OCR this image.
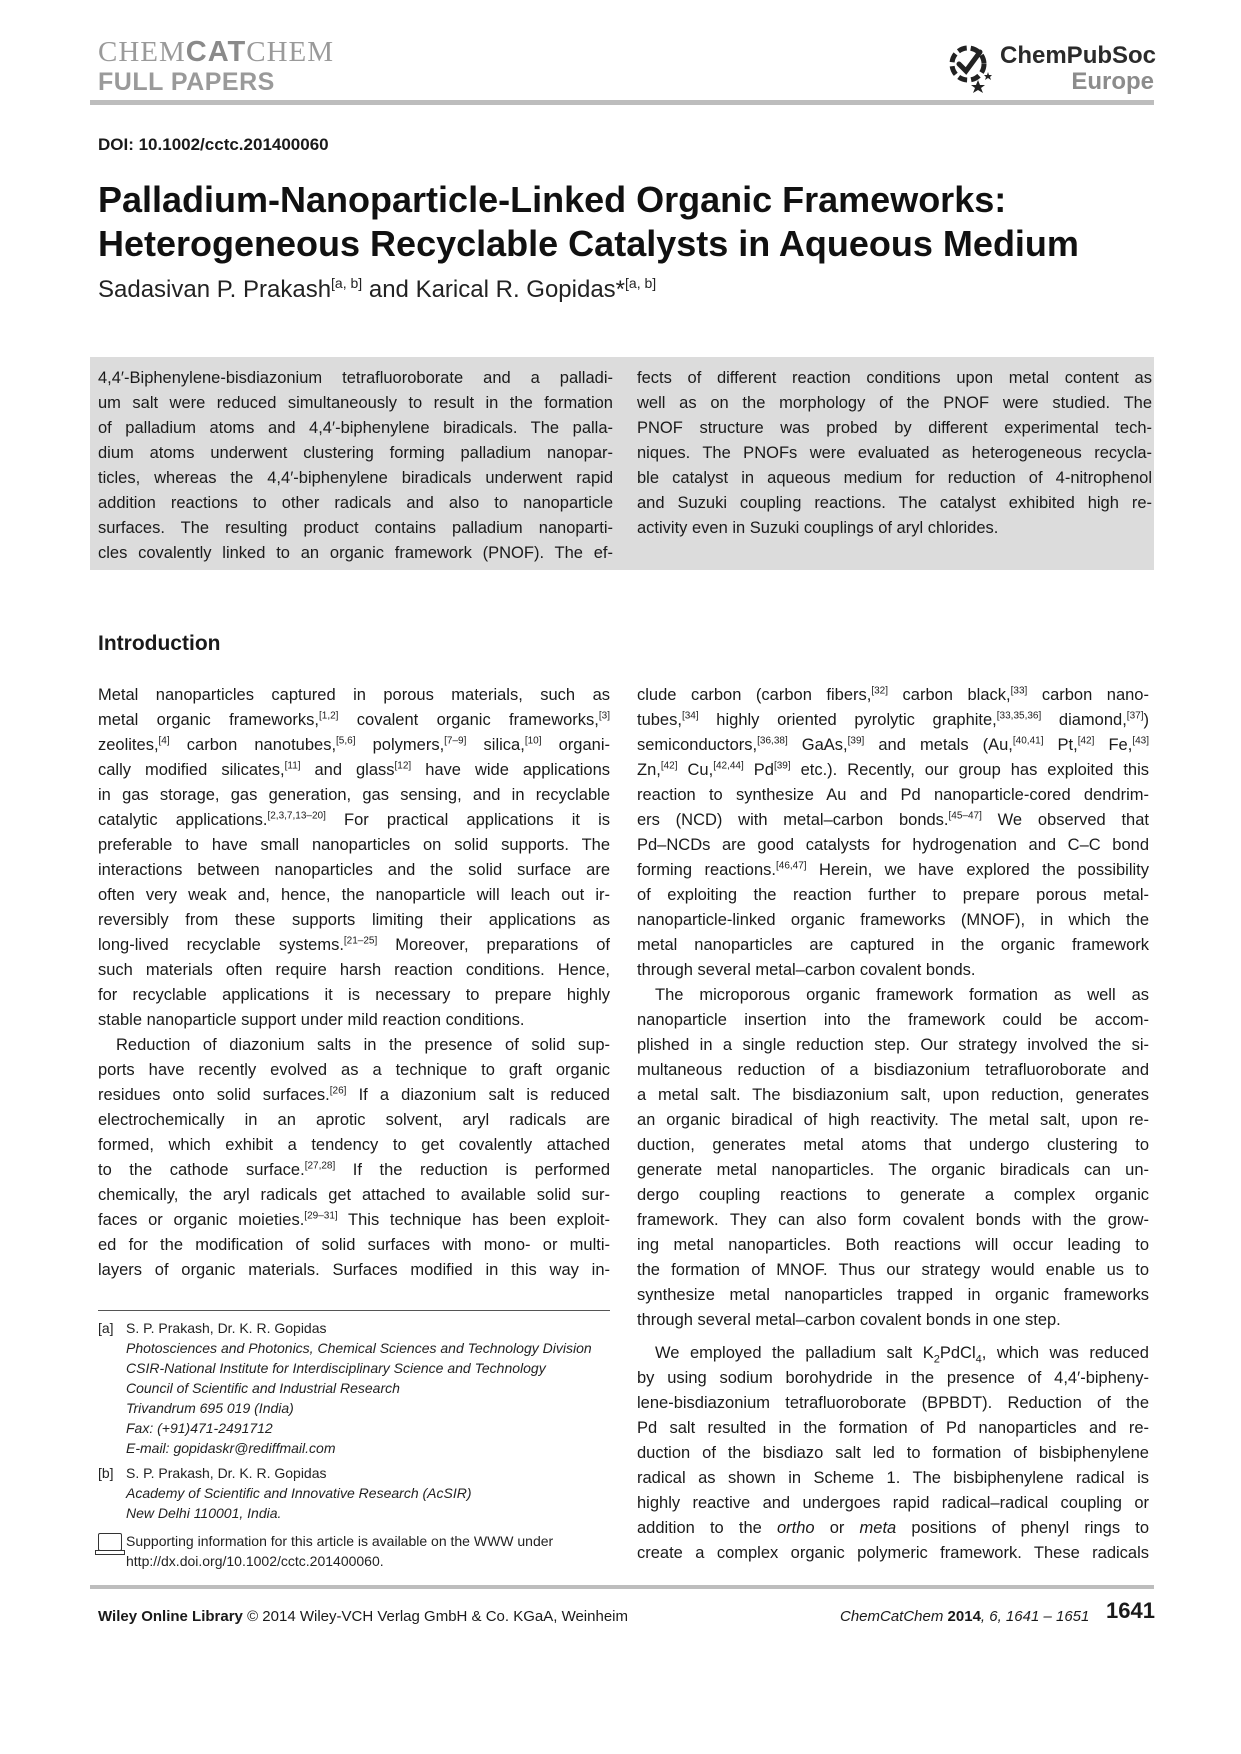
CHEMCATCHEM
FULL PAPERS
ChemPubSoc
Europe
DOI: 10.1002/cctc.201400060
Palladium-Nanoparticle-Linked Organic Frameworks:
Heterogeneous Recyclable Catalysts in Aqueous Medium
Sadasivan P. Prakash[a, b] and Karical R. Gopidas*[a, b]
4,4′-Biphenylene-bisdiazonium tetrafluoroborate and a palladi-
um salt were reduced simultaneously to result in the formation
of palladium atoms and 4,4′-biphenylene biradicals. The palla-
dium atoms underwent clustering forming palladium nanopar-
ticles, whereas the 4,4′-biphenylene biradicals underwent rapid
addition reactions to other radicals and also to nanoparticle
surfaces. The resulting product contains palladium nanoparti-
cles covalently linked to an organic framework (PNOF). The ef-
fects of different reaction conditions upon metal content as
well as on the morphology of the PNOF were studied. The
PNOF structure was probed by different experimental tech-
niques. The PNOFs were evaluated as heterogeneous recycla-
ble catalyst in aqueous medium for reduction of 4-nitrophenol
and Suzuki coupling reactions. The catalyst exhibited high re-
activity even in Suzuki couplings of aryl chlorides.
Introduction
Metal nanoparticles captured in porous materials, such as
metal organic frameworks,[1,2] covalent organic frameworks,[3]
zeolites,[4] carbon nanotubes,[5,6] polymers,[7–9] silica,[10] organi-
cally modified silicates,[11] and glass[12] have wide applications
in gas storage, gas generation, gas sensing, and in recyclable
catalytic applications.[2,3,7,13–20] For practical applications it is
preferable to have small nanoparticles on solid supports. The
interactions between nanoparticles and the solid surface are
often very weak and, hence, the nanoparticle will leach out ir-
reversibly from these supports limiting their applications as
long-lived recyclable systems.[21–25] Moreover, preparations of
such materials often require harsh reaction conditions. Hence,
for recyclable applications it is necessary to prepare highly
stable nanoparticle support under mild reaction conditions.
Reduction of diazonium salts in the presence of solid sup-
ports have recently evolved as a technique to graft organic
residues onto solid surfaces.[26] If a diazonium salt is reduced
electrochemically in an aprotic solvent, aryl radicals are
formed, which exhibit a tendency to get covalently attached
to the cathode surface.[27,28] If the reduction is performed
chemically, the aryl radicals get attached to available solid sur-
faces or organic moieties.[29–31] This technique has been exploit-
ed for the modification of solid surfaces with mono- or multi-
layers of organic materials. Surfaces modified in this way in-
clude carbon (carbon fibers,[32] carbon black,[33] carbon nano-
tubes,[34] highly oriented pyrolytic graphite,[33,35,36] diamond,[37])
semiconductors,[36,38] GaAs,[39] and metals (Au,[40,41] Pt,[42] Fe,[43]
Zn,[42] Cu,[42,44] Pd[39] etc.). Recently, our group has exploited this
reaction to synthesize Au and Pd nanoparticle-cored dendrim-
ers (NCD) with metal–carbon bonds.[45–47] We observed that
Pd–NCDs are good catalysts for hydrogenation and C–C bond
forming reactions.[46,47] Herein, we have explored the possibility
of exploiting the reaction further to prepare porous metal-
nanoparticle-linked organic frameworks (MNOF), in which the
metal nanoparticles are captured in the organic framework
through several metal–carbon covalent bonds.
The microporous organic framework formation as well as
nanoparticle insertion into the framework could be accom-
plished in a single reduction step. Our strategy involved the si-
multaneous reduction of a bisdiazonium tetrafluoroborate and
a metal salt. The bisdiazonium salt, upon reduction, generates
an organic biradical of high reactivity. The metal salt, upon re-
duction, generates metal atoms that undergo clustering to
generate metal nanoparticles. The organic biradicals can un-
dergo coupling reactions to generate a complex organic
framework. They can also form covalent bonds with the grow-
ing metal nanoparticles. Both reactions will occur leading to
the formation of MNOF. Thus our strategy would enable us to
synthesize metal nanoparticles trapped in organic frameworks
through several metal–carbon covalent bonds in one step.
We employed the palladium salt $K_2PdCl_4$, which was reduced
by using sodium borohydride in the presence of 4,4′-bipheny-
lene-bisdiazonium tetrafluoroborate (BPBDT). Reduction of the
Pd salt resulted in the formation of Pd nanoparticles and re-
duction of the bisdiazo salt led to formation of bisbiphenylene
radical as shown in Scheme 1. The bisbiphenylene radical is
highly reactive and undergoes rapid radical–radical coupling or
addition to the ortho or meta positions of phenyl rings to
create a complex organic polymeric framework. These radicals
[a] S. P. Prakash, Dr. K. R. Gopidas
Photosciences and Photonics, Chemical Sciences and Technology Division
CSIR-National Institute for Interdisciplinary Science and Technology
Council of Scientific and Industrial Research
Trivandrum 695 019 (India)
Fax: (+91)471-2491712
E-mail: gopidaskr@rediffmail.com
[b] S. P. Prakash, Dr. K. R. Gopidas
Academy of Scientific and Innovative Research (AcSIR)
New Delhi 110001, India.
Supporting information for this article is available on the WWW under
http://dx.doi.org/10.1002/cctc.201400060.
Wiley Online Library © 2014 Wiley-VCH Verlag GmbH & Co. KGaA, Weinheim	ChemCatChem 2014, 6, 1641 – 1651 1641
